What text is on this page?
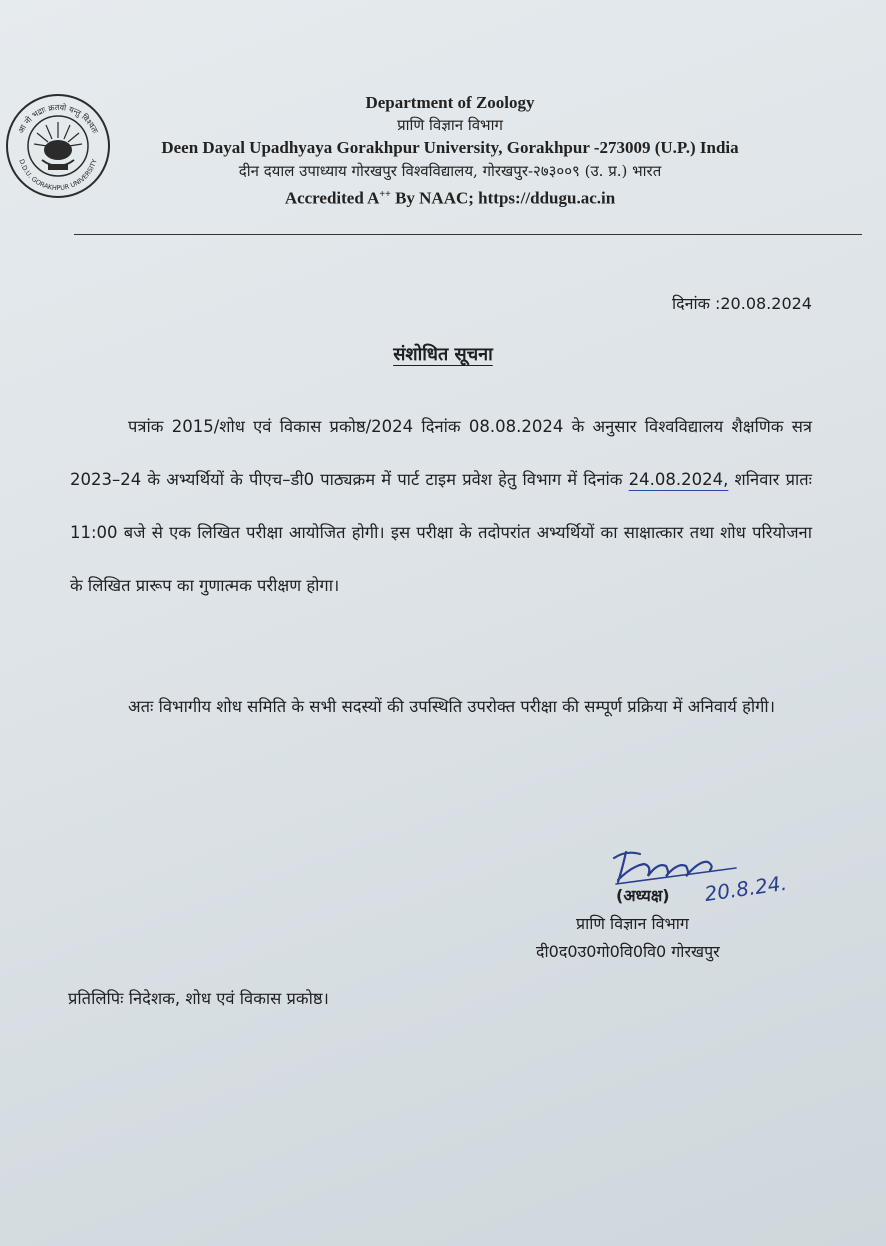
आ नो भद्राः क्रतवो यन्तु विश्वतः
D.D.U. GORAKHPUR UNIVERSITY
Department of Zoology
प्राणि विज्ञान विभाग
Deen Dayal Upadhyaya Gorakhpur University, Gorakhpur -273009 (U.P.) India
दीन दयाल उपाध्याय गोरखपुर विश्वविद्यालय, गोरखपुर-२७३००९ (उ. प्र.) भारत
Accredited A++ By NAAC; https://ddugu.ac.in
दिनांक :20.08.2024
संशोधित सूचना
पत्रांक 2015/शोध एवं विकास प्रकोष्ठ/2024 दिनांक 08.08.2024 के अनुसार विश्वविद्यालय शैक्षणिक सत्र 2023–24 के अभ्यर्थियों के पीएच–डी0 पाठ्यक्रम में पार्ट टाइम प्रवेश हेतु विभाग में दिनांक 24.08.2024, शनिवार प्रातः 11:00 बजे से एक लिखित परीक्षा आयोजित होगी। इस परीक्षा के तदोपरांत अभ्यर्थियों का साक्षात्कार तथा शोध परियोजना के लिखित प्रारूप का गुणात्मक परीक्षण होगा।
अतः विभागीय शोध समिति के सभी सदस्यों की उपस्थिति उपरोक्त परीक्षा की सम्पूर्ण प्रक्रिया में अनिवार्य होगी।
20.8.24.
(अध्यक्ष)
प्राणि विज्ञान विभाग
दी0द0उ0गो0वि0वि0 गोरखपुर
प्रतिलिपिः निदेशक, शोध एवं विकास प्रकोष्ठ।
